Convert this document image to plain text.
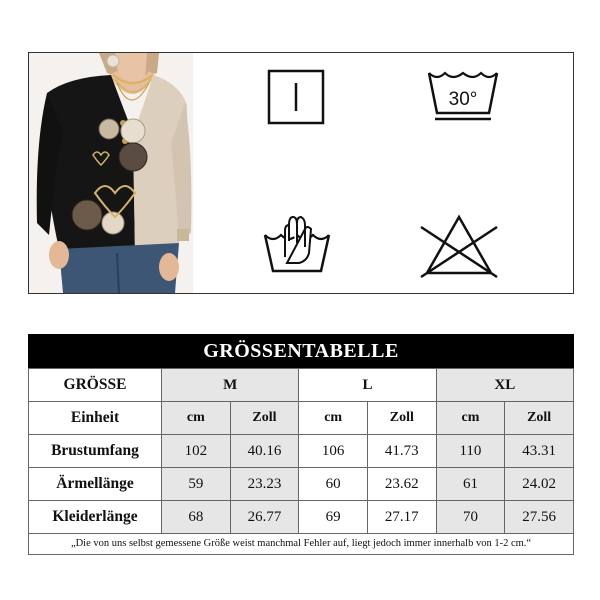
30°
GRÖSSENTABELLE
GRÖSSE	M		L		XL	
Einheit	cm	Zoll	cm	Zoll	cm	Zoll
Brustumfang	102	40.16	106	41.73	110	43.31
Ärmellänge	59	23.23	60	23.62	61	24.02
Kleiderlänge	68	26.77	69	27.17	70	27.56
„Die von uns selbst gemessene Größe weist manchmal Fehler auf, liegt jedoch immer innerhalb von 1-2 cm.“
